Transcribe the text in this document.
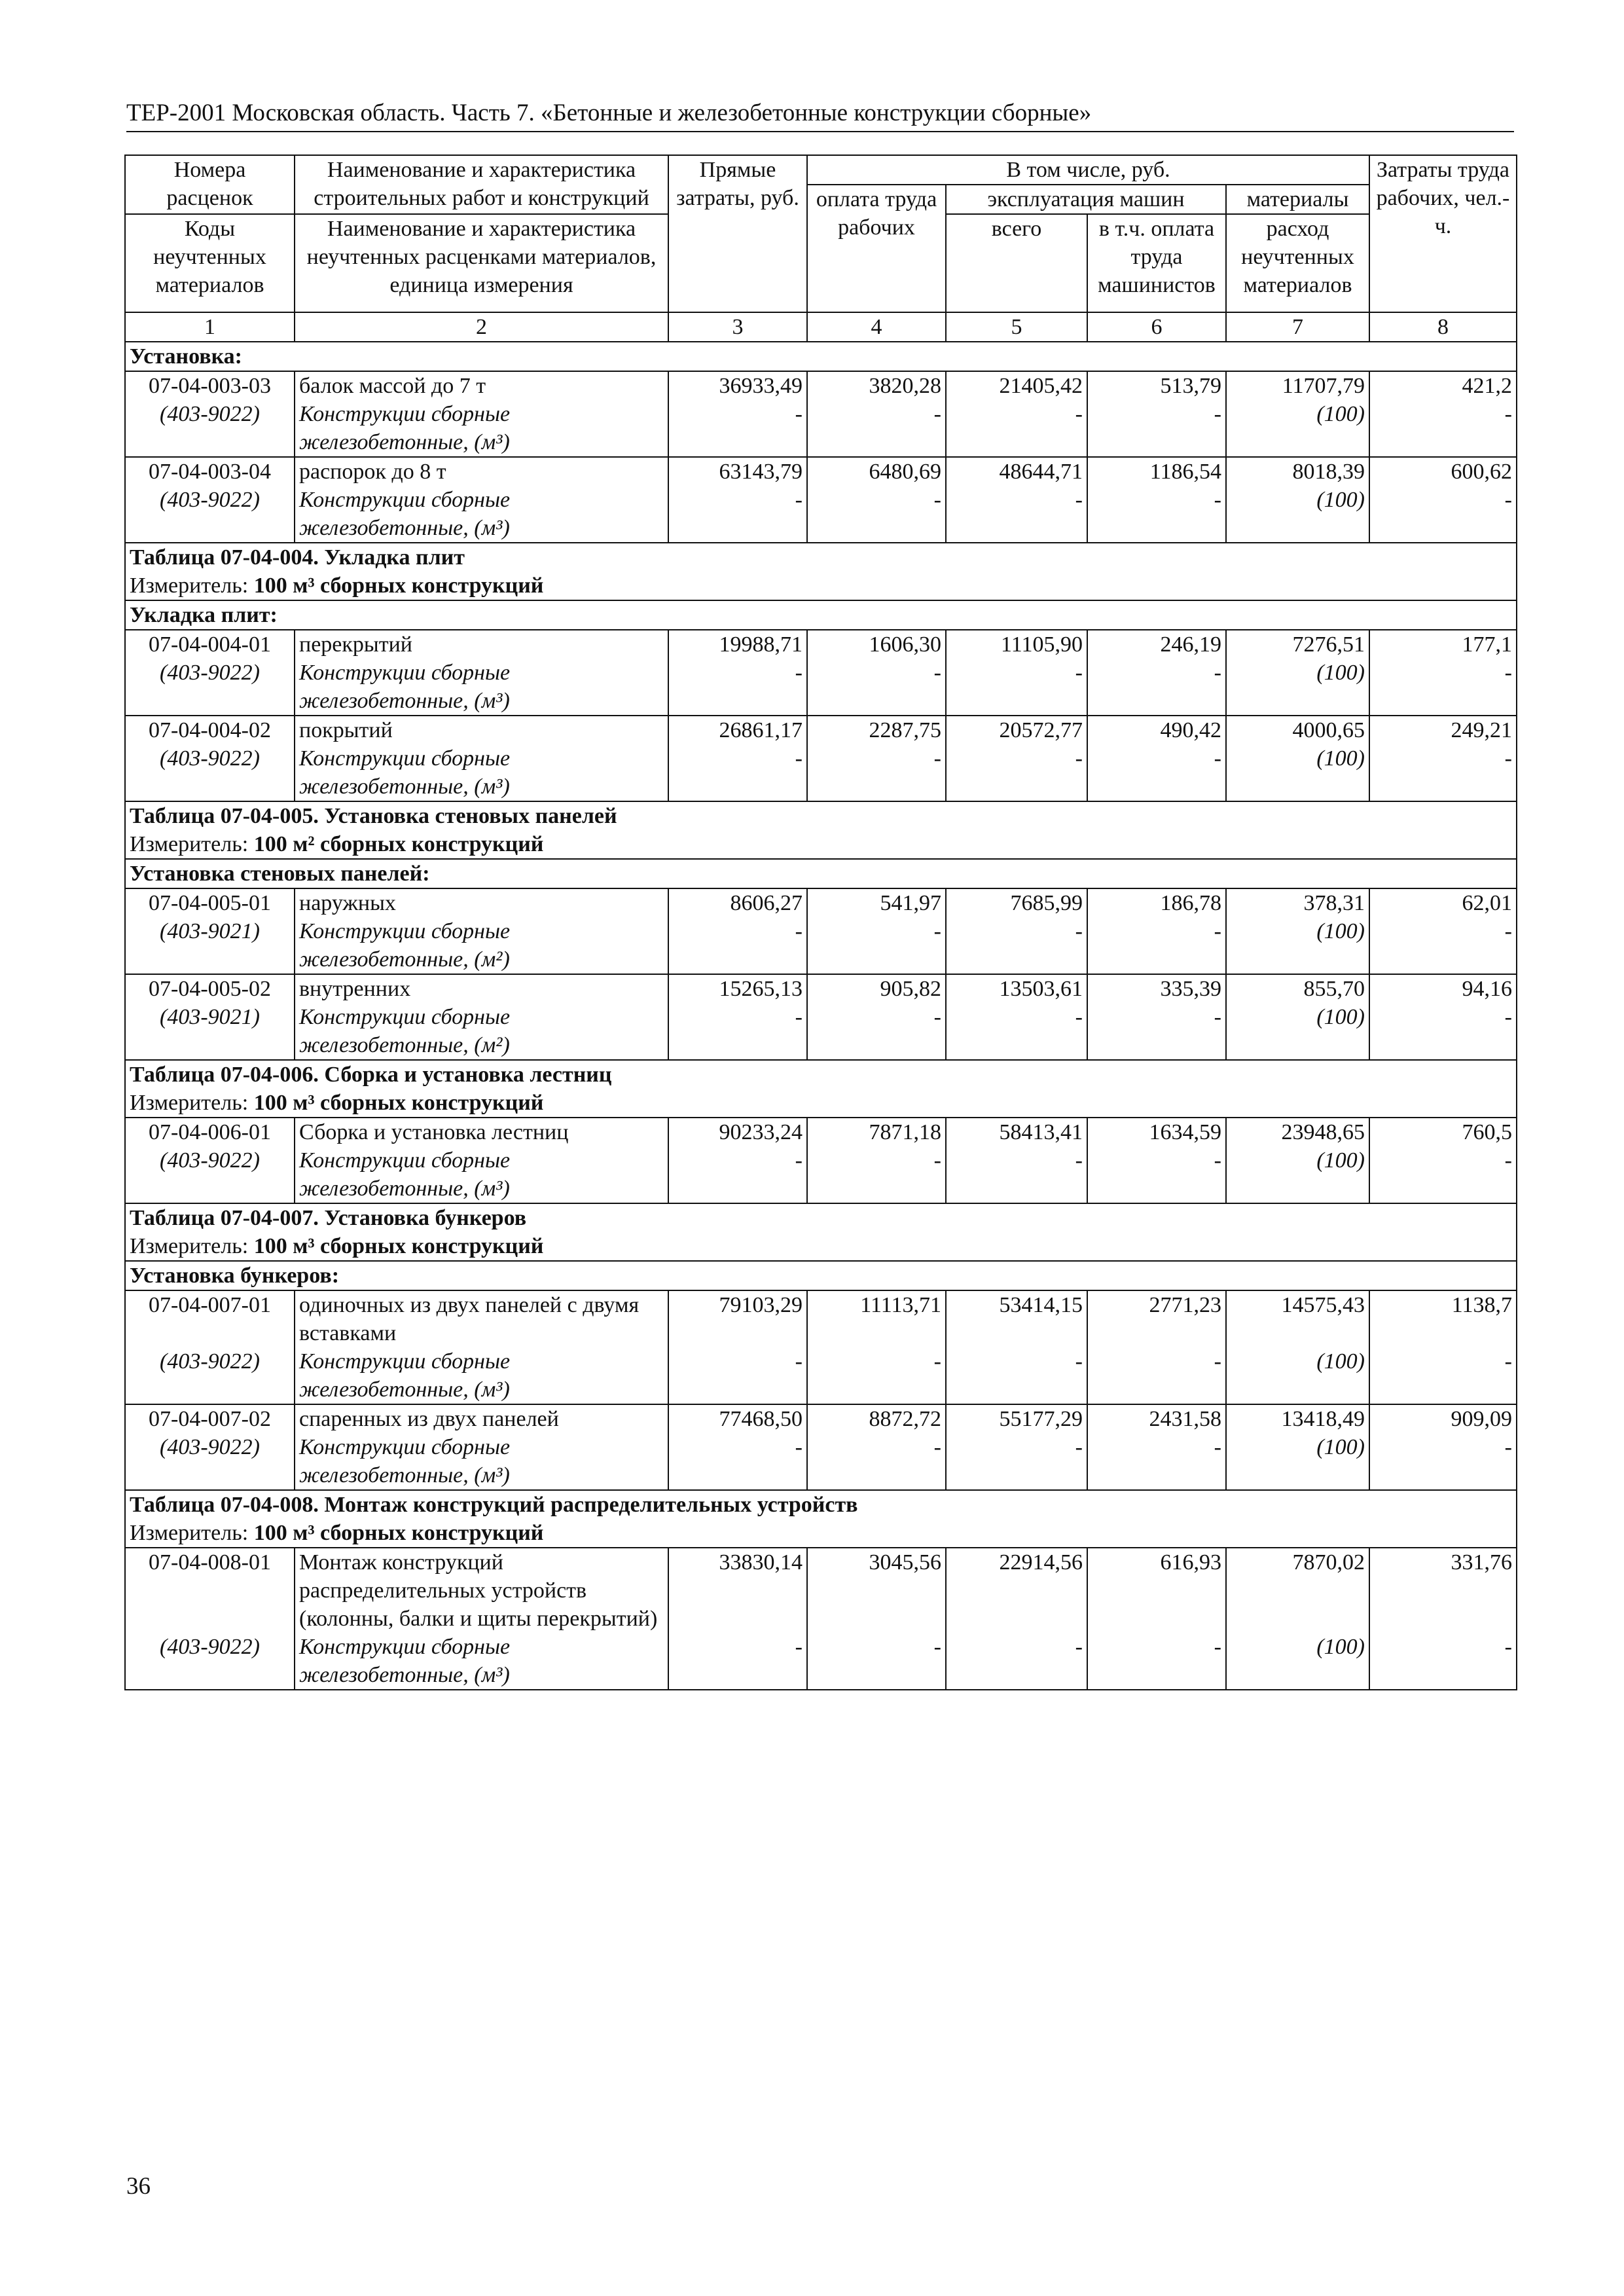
ТЕР-2001 Московская область. Часть 7. «Бетонные и железобетонные конструкции сборные»
Номера расценок	Наименование и характеристика строительных работ и конструкций	Прямые затраты, руб.	В том числе, руб.				Затраты труда рабочих, чел.-ч.
			оплата труда рабочих	эксплуатация машин		материалы	
Коды неучтенных материалов	Наименование и характеристика неучтенных расценками материалов, единица измерения			всего	в т.ч. оплата труда машинистов	расход неучтенных материалов	

1	2	3	4	5	6	7	8
Установка:							
07-04-003-03	балок массой до 7 т	36933,49	3820,28	21405,42	513,79	11707,79	421,2
(403-9022)	Конструкции сборные железобетонные, (м³)	-	-	-	-	(100)	-
07-04-003-04	распорок до 8 т	63143,79	6480,69	48644,71	1186,54	8018,39	600,62
(403-9022)	Конструкции сборные железобетонные, (м³)	-	-	-	-	(100)	-
Таблица 07-04-004. Укладка плит							
Измеритель: 100 м³ сборных конструкций							
Укладка плит:							
07-04-004-01	перекрытий	19988,71	1606,30	11105,90	246,19	7276,51	177,1
(403-9022)	Конструкции сборные железобетонные, (м³)	-	-	-	-	(100)	-
07-04-004-02	покрытий	26861,17	2287,75	20572,77	490,42	4000,65	249,21
(403-9022)	Конструкции сборные железобетонные, (м³)	-	-	-	-	(100)	-
Таблица 07-04-005. Установка стеновых панелей							
Измеритель: 100 м² сборных конструкций							
Установка стеновых панелей:							
07-04-005-01	наружных	8606,27	541,97	7685,99	186,78	378,31	62,01
(403-9021)	Конструкции сборные железобетонные, (м²)	-	-	-	-	(100)	-
07-04-005-02	внутренних	15265,13	905,82	13503,61	335,39	855,70	94,16
(403-9021)	Конструкции сборные железобетонные, (м²)	-	-	-	-	(100)	-
Таблица 07-04-006. Сборка и установка лестниц							
Измеритель: 100 м³ сборных конструкций							
07-04-006-01	Сборка и установка лестниц	90233,24	7871,18	58413,41	1634,59	23948,65	760,5
(403-9022)	Конструкции сборные железобетонные, (м³)	-	-	-	-	(100)	-
Таблица 07-04-007. Установка бункеров							
Измеритель: 100 м³ сборных конструкций							
Установка бункеров:							
07-04-007-01	одиночных из двух панелей с двумя вставками	79103,29	11113,71	53414,15	2771,23	14575,43	1138,7
(403-9022)	Конструкции сборные железобетонные, (м³)	-	-	-	-	(100)	-
07-04-007-02	спаренных из двух панелей	77468,50	8872,72	55177,29	2431,58	13418,49	909,09
(403-9022)	Конструкции сборные железобетонные, (м³)	-	-	-	-	(100)	-
Таблица 07-04-008. Монтаж конструкций распределительных устройств							
Измеритель: 100 м³ сборных конструкций							
07-04-008-01	Монтаж конструкций распределительных устройств (колонны, балки и щиты перекрытий)	33830,14	3045,56	22914,56	616,93	7870,02	331,76
(403-9022)	Конструкции сборные железобетонные, (м³)	-	-	-	-	(100)	-
36
